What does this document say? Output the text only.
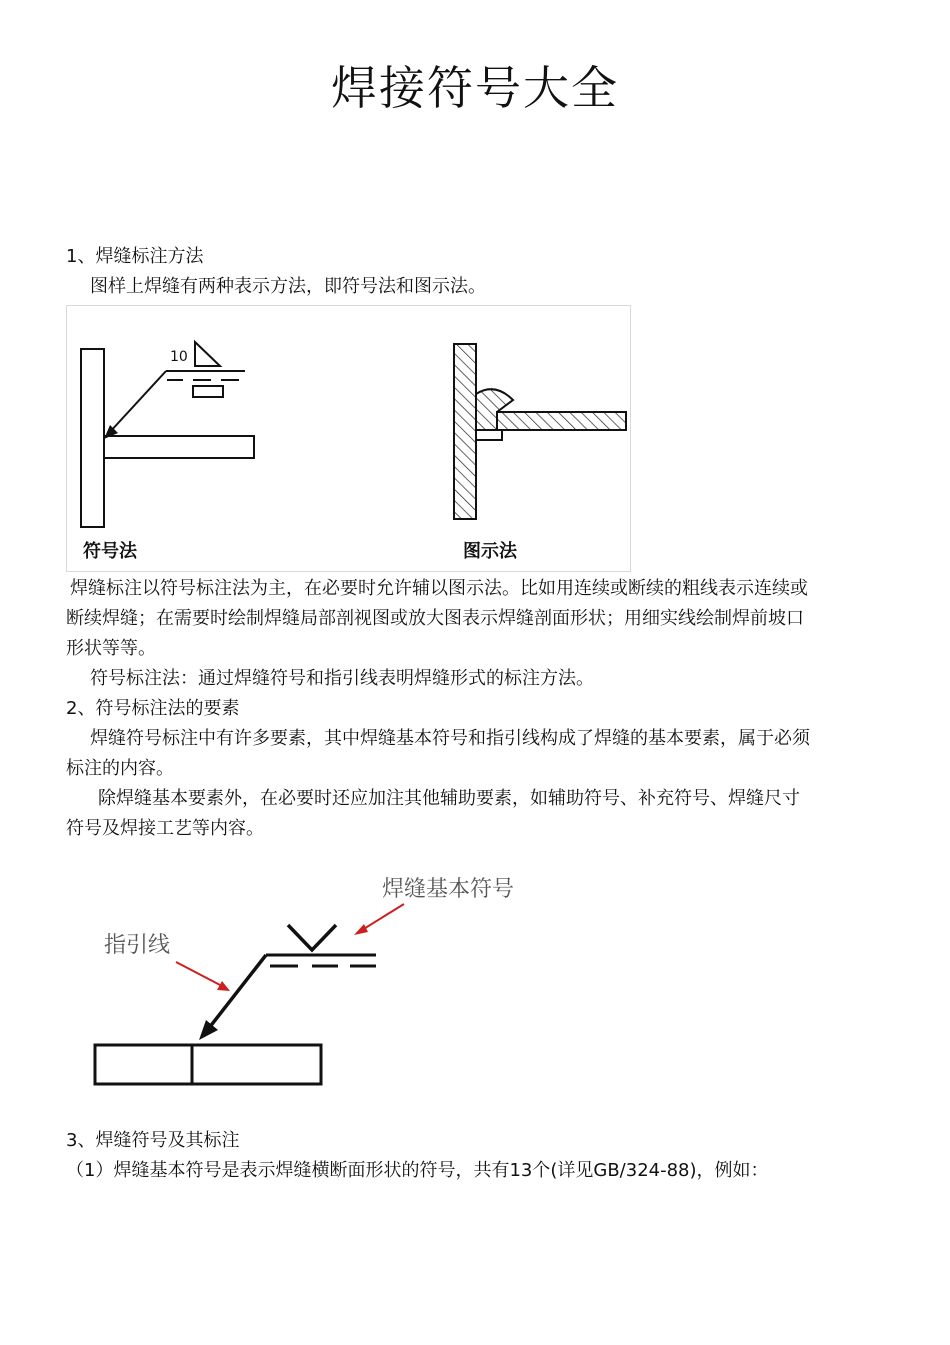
焊接符号大全
1、焊缝标注方法
图样上焊缝有两种表示方法，即符号法和图示法。
10
符号法	图示法
焊缝标注以符号标注法为主，在必要时允许辅以图示法。比如用连续或断续的粗线表示连续或
断续焊缝；在需要时绘制焊缝局部剖视图或放大图表示焊缝剖面形状；用细实线绘制焊前坡口
形状等等。
符号标注法：通过焊缝符号和指引线表明焊缝形式的标注方法。
2、符号标注法的要素
焊缝符号标注中有许多要素，其中焊缝基本符号和指引线构成了焊缝的基本要素，属于必须
标注的内容。
除焊缝基本要素外，在必要时还应加注其他辅助要素，如辅助符号、补充符号、焊缝尺寸
符号及焊接工艺等内容。
焊缝基本符号
指引线
3、焊缝符号及其标注
（1）焊缝基本符号是表示焊缝横断面形状的符号，共有13个(详见GB/324-88)，例如：
